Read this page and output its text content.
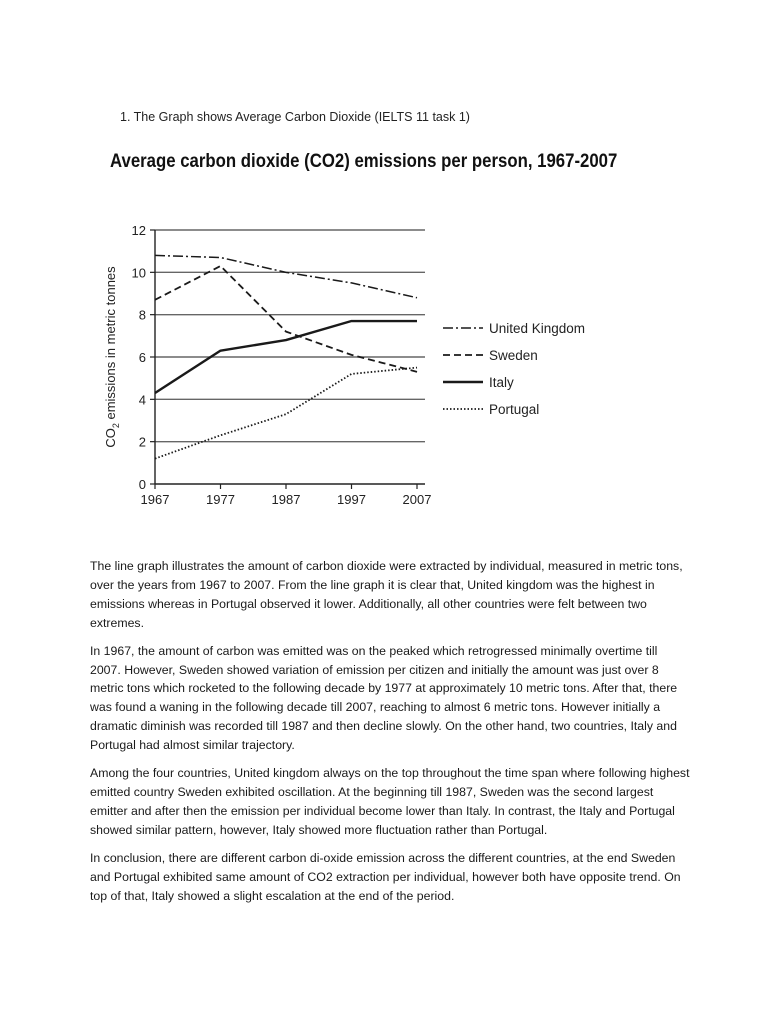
1. The Graph shows Average Carbon Dioxide (IELTS 11 task 1)
Average carbon dioxide (CO2) emissions per person, 1967-2007
0
2
4
6
8
10
12
1967	1977	1987	1997	2007
$CO_2$ emissions in metric tonnes	United Kingdom
Sweden
Italy
Portugal

The line graph illustrates the amount of carbon dioxide were extracted by individual, measured in metric tons, over the years from 1967 to 2007. From the line graph it is clear that, United kingdom was the highest in emissions whereas in Portugal observed it lower. Additionally, all other countries were felt between two extremes.

In 1967, the amount of carbon was emitted was on the peaked which retrogressed minimally overtime till 2007. However, Sweden showed variation of emission per citizen and initially the amount was just over 8 metric tons which rocketed to the following decade by 1977 at approximately 10 metric tons. After that, there was found a waning in the following decade till 2007, reaching to almost 6 metric tons. However initially a dramatic diminish was recorded till 1987 and then decline slowly. On the other hand, two countries, Italy and Portugal had almost similar trajectory.

Among the four countries, United kingdom always on the top throughout the time span where following highest emitted country Sweden exhibited oscillation. At the beginning till 1987, Sweden was the second largest emitter and after then the emission per individual become lower than Italy. In contrast, the Italy and Portugal showed similar pattern, however, Italy showed more fluctuation rather than Portugal.

In conclusion, there are different carbon di-oxide emission across the different countries, at the end Sweden and Portugal exhibited same amount of CO2 extraction per individual, however both have opposite trend. On top of that, Italy showed a slight escalation at the end of the period.
